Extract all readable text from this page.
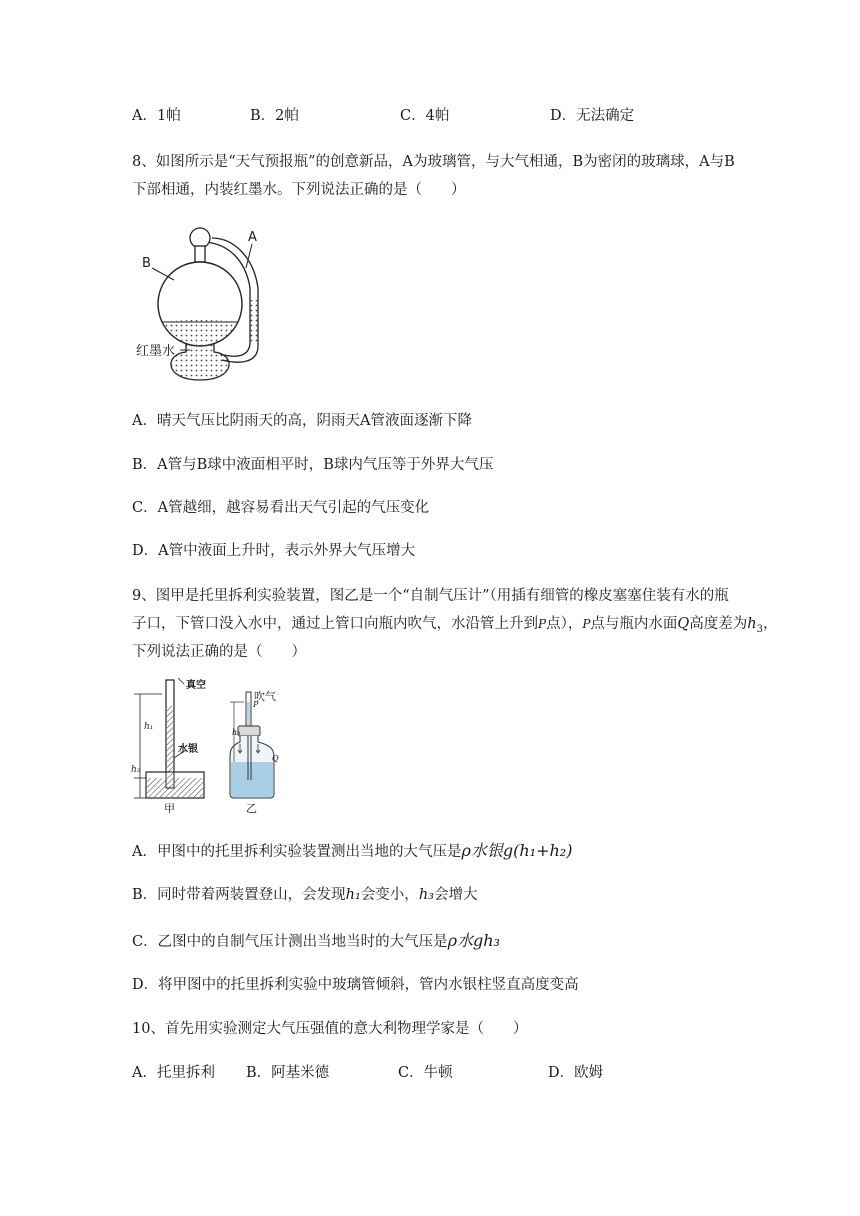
A．1帕	B．2帕	C．4帕	D．无法确定
8、如图所示是“天气预报瓶”的创意新品，A为玻璃管，与大气相通，B为密闭的玻璃球，A与B
下部相通，内装红墨水。下列说法正确的是（　　）
A
B
红墨水
A．晴天气压比阴雨天的高，阴雨天A管液面逐渐下降
B．A管与B球中液面相平时，B球内气压等于外界大气压
C．A管越细，越容易看出天气引起的气压变化
D．A管中液面上升时，表示外界大气压增大
9、图甲是托里拆利实验装置，图乙是一个“自制气压计”（用插有细管的橡皮塞塞住装有水的瓶
子口，下管口没入水中，通过上管口向瓶内吹气，水沿管上升到P点），P点与瓶内水面Q高度差为$h_3$，
下列说法正确的是（　　）
真空
水银
h₁
h₂
甲
吹气
P
h₃
Q
乙
A．甲图中的托里拆利实验装置测出当地的大气压是ρ水银g(h₁+h₂)
B．同时带着两装置登山，会发现h₁会变小，h₃会增大
C．乙图中的自制气压计测出当地当时的大气压是ρ水gh₃
D．将甲图中的托里拆利实验中玻璃管倾斜，管内水银柱竖直高度变高
10、首先用实验测定大气压强值的意大利物理学家是（　　）
A．托里拆利 B．阿基米德	C．牛顿	D．欧姆
